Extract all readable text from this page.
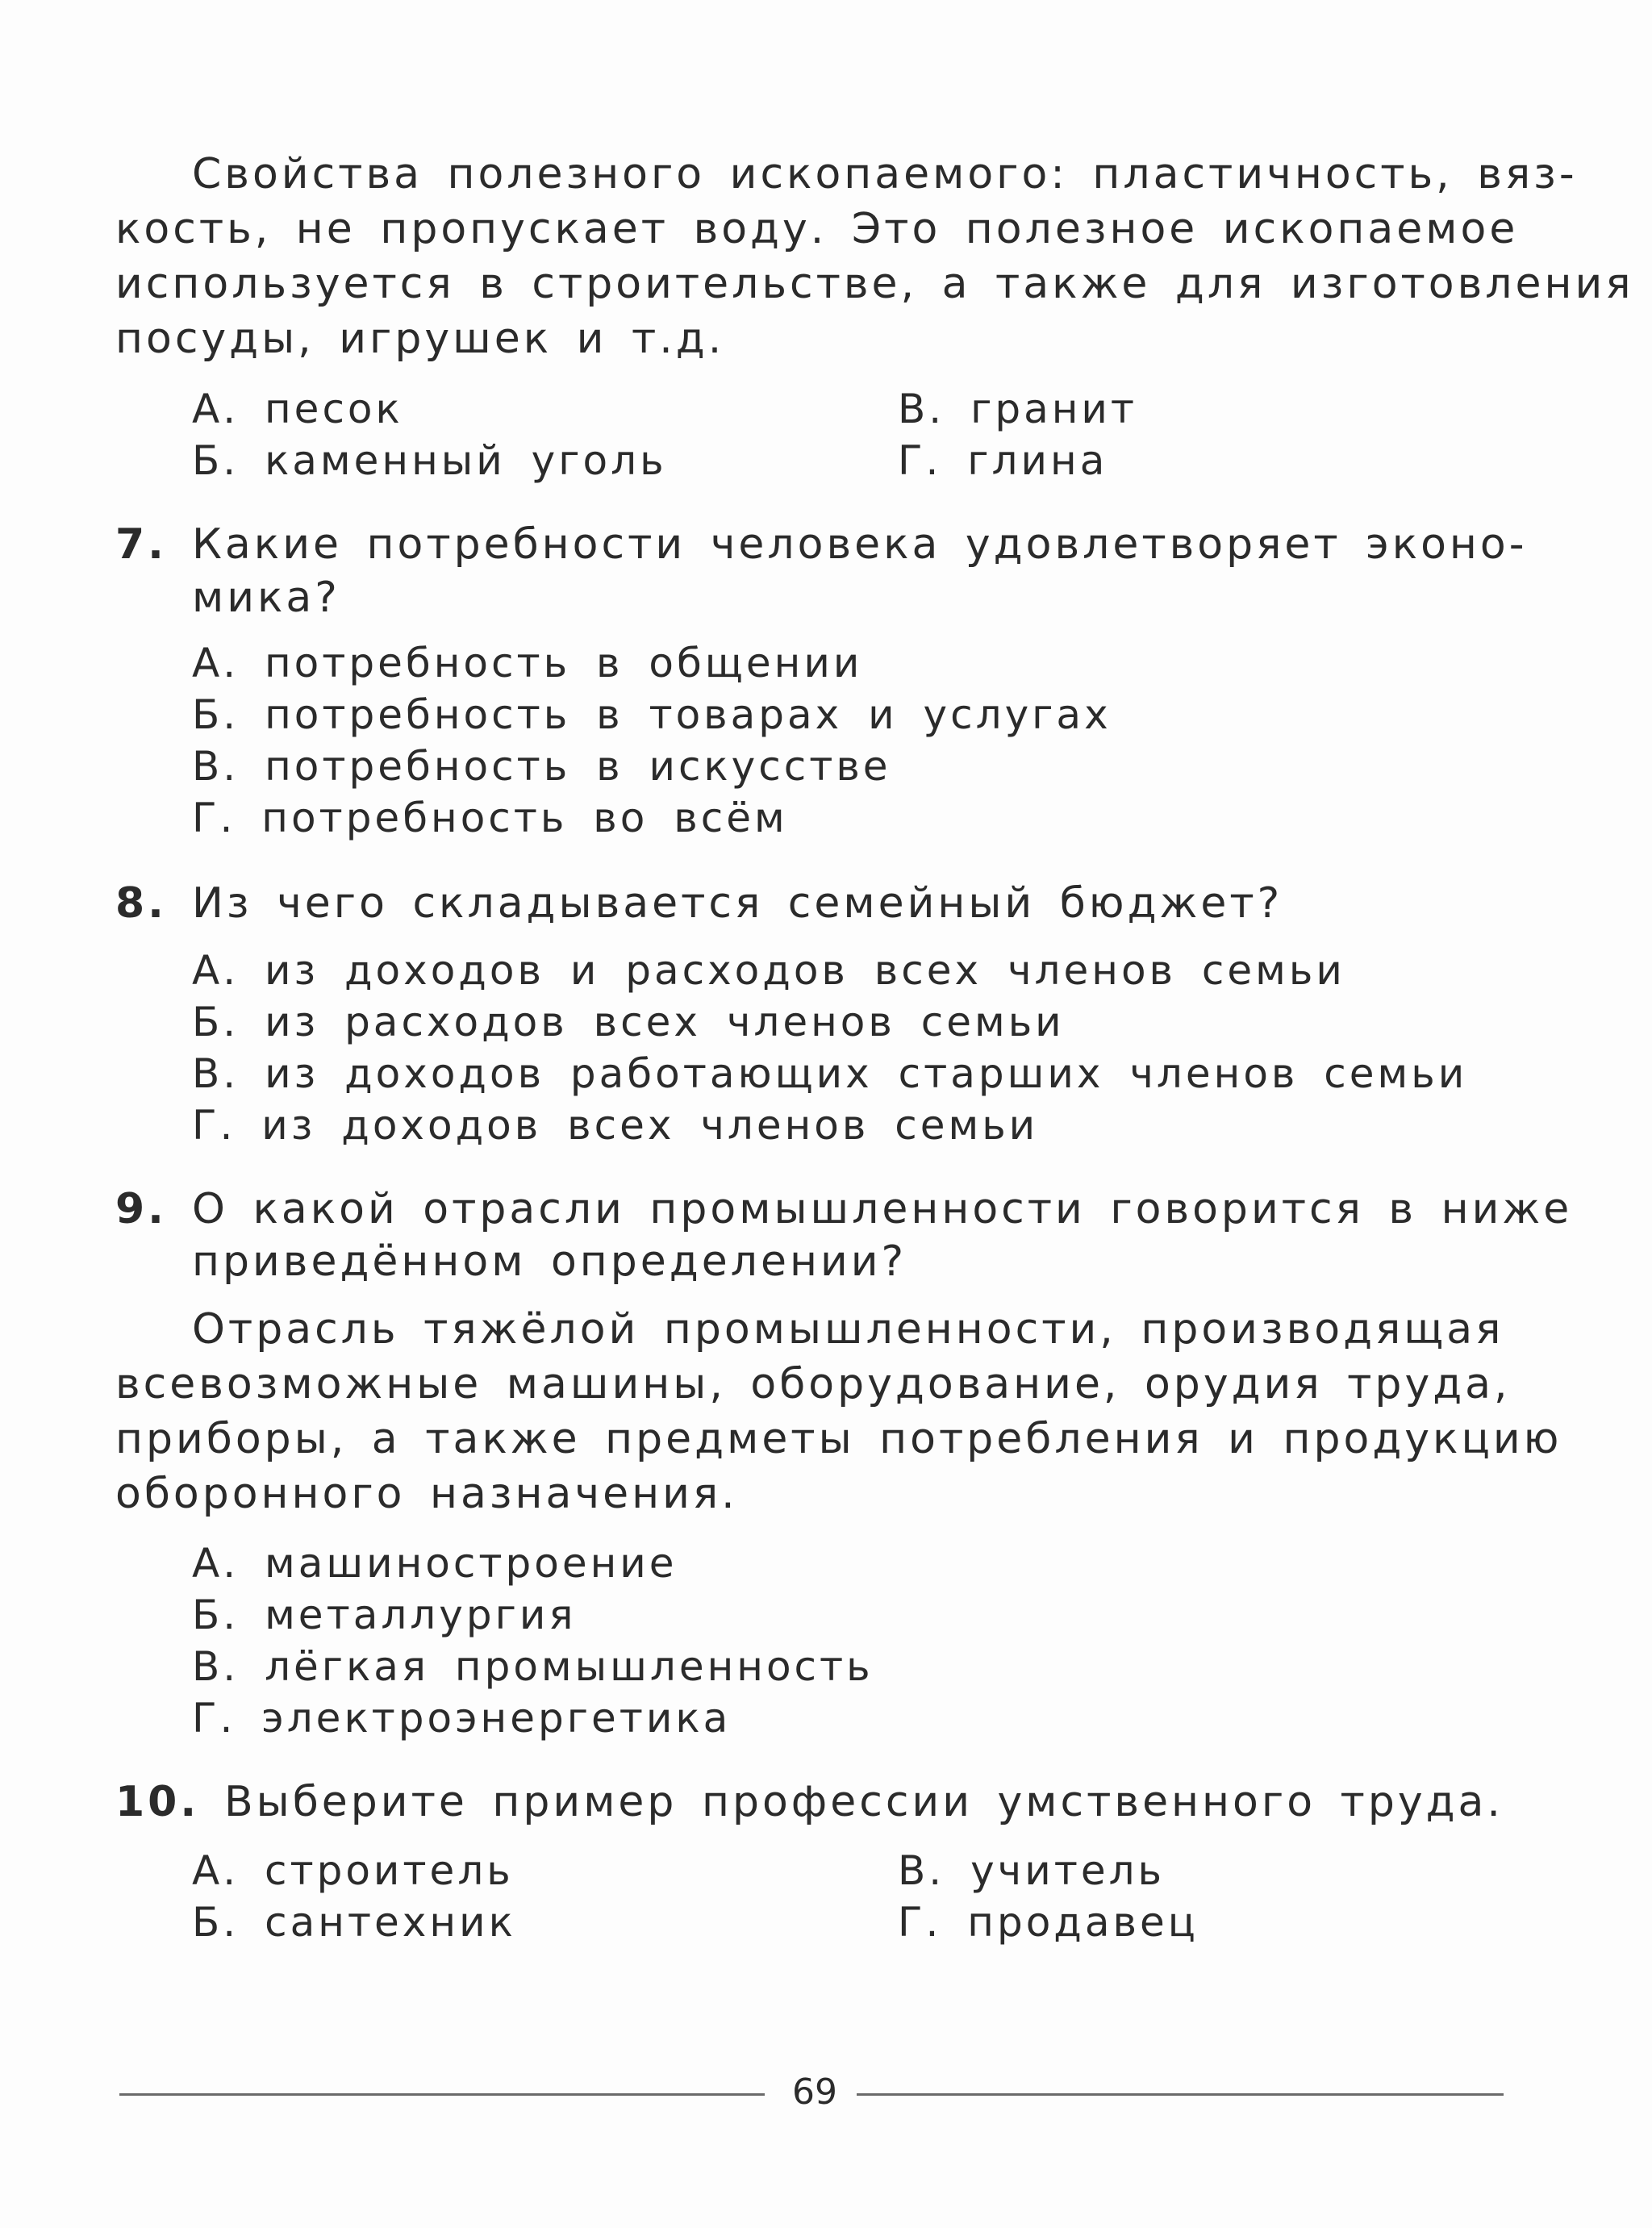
Свойства полезного ископаемого: пластичность, вяз-
кость, не пропускает воду. Это полезное ископаемое
используется в строительстве, а также для изготовления
посуды, игрушек и т.д.
А. песок
Б. каменный уголь
В. гранит
Г. глина
7. Какие потребности человека удовлетворяет эконо-
мика?
А. потребность в общении
Б. потребность в товарах и услугах
В. потребность в искусстве
Г. потребность во всём
8. Из чего складывается семейный бюджет?
А. из доходов и расходов всех членов семьи
Б. из расходов всех членов семьи
В. из доходов работающих старших членов семьи
Г. из доходов всех членов семьи
9. О какой отрасли промышленности говорится в ниже
приведённом определении?
Отрасль тяжёлой промышленности, производящая
всевозможные машины, оборудование, орудия труда,
приборы, а также предметы потребления и продукцию
оборонного назначения.
А. машиностроение
Б. металлургия
В. лёгкая промышленность
Г. электроэнергетика
10. Выберите пример профессии умственного труда.
А. строитель
Б. сантехник
В. учитель
Г. продавец
69
